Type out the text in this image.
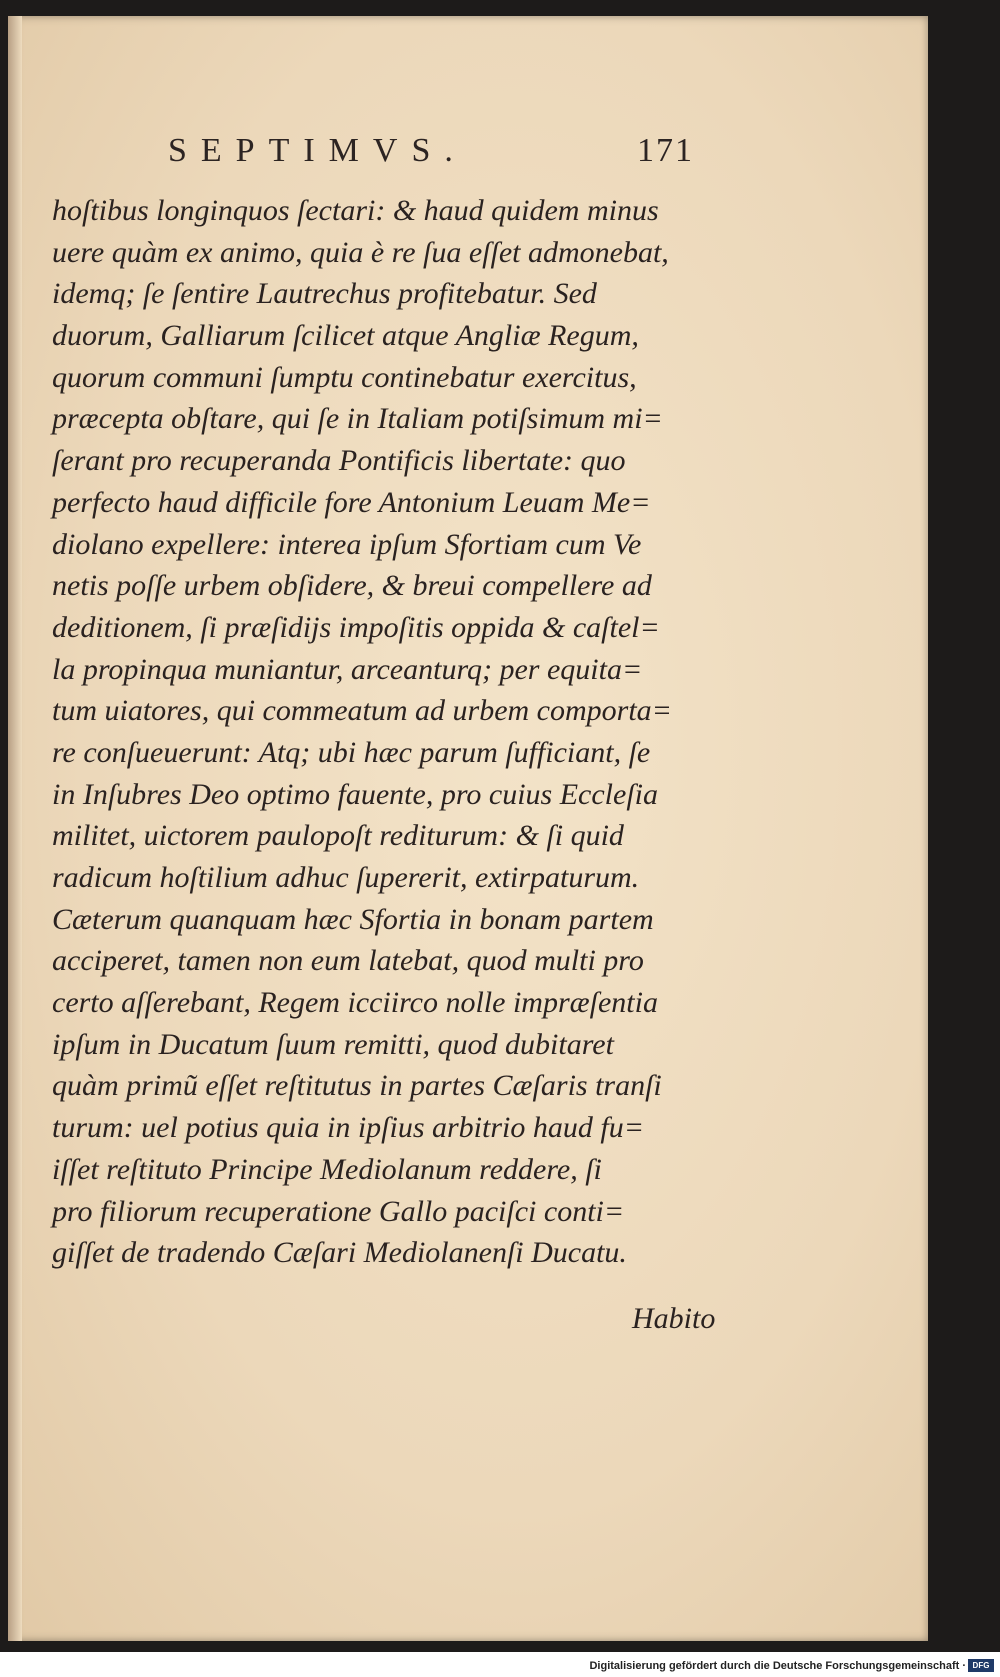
SEPTIMVS.	171
hoſtibus longinquos ſectari: & haud quidem minus
uere quàm ex animo, quia è re ſua eſſet admonebat,
idemq; ſe ſentire Lautrechus profitebatur. Sed
duorum, Galliarum ſcilicet atque Angliæ Regum,
quorum communi ſumptu continebatur exercitus,
præcepta obſtare, qui ſe in Italiam potiſsimum mi=
ſerant pro recuperanda Pontificis libertate: quo
perfecto haud difficile fore Antonium Leuam Me=
diolano expellere: interea ipſum Sfortiam cum Ve
netis poſſe urbem obſidere, & breui compellere ad
deditionem, ſi præſidijs impoſitis oppida & caſtel=
la propinqua muniantur, arceanturq; per equita=
tum uiatores, qui commeatum ad urbem comporta=
re conſueuerunt: Atq; ubi hæc parum ſufficiant, ſe
in Inſubres Deo optimo fauente, pro cuius Eccleſia
militet, uictorem paulopoſt rediturum: & ſi quid
radicum hoſtilium adhuc ſupererit, extirpaturum.
Cæterum quanquam hæc Sfortia in bonam partem
acciperet, tamen non eum latebat, quod multi pro
certo aſſerebant, Regem icciirco nolle impræſentia
ipſum in Ducatum ſuum remitti, quod dubitaret
quàm primũ eſſet reſtitutus in partes Cæſaris tranſi
turum: uel potius quia in ipſius arbitrio haud fu=
iſſet reſtituto Principe Mediolanum reddere, ſi
pro filiorum recuperatione Gallo paciſci conti=
giſſet de tradendo Cæſari Mediolanenſi Ducatu.
Habito
Digitalisierung gefördert durch die Deutsche Forschungsgemeinschaft · DFG
